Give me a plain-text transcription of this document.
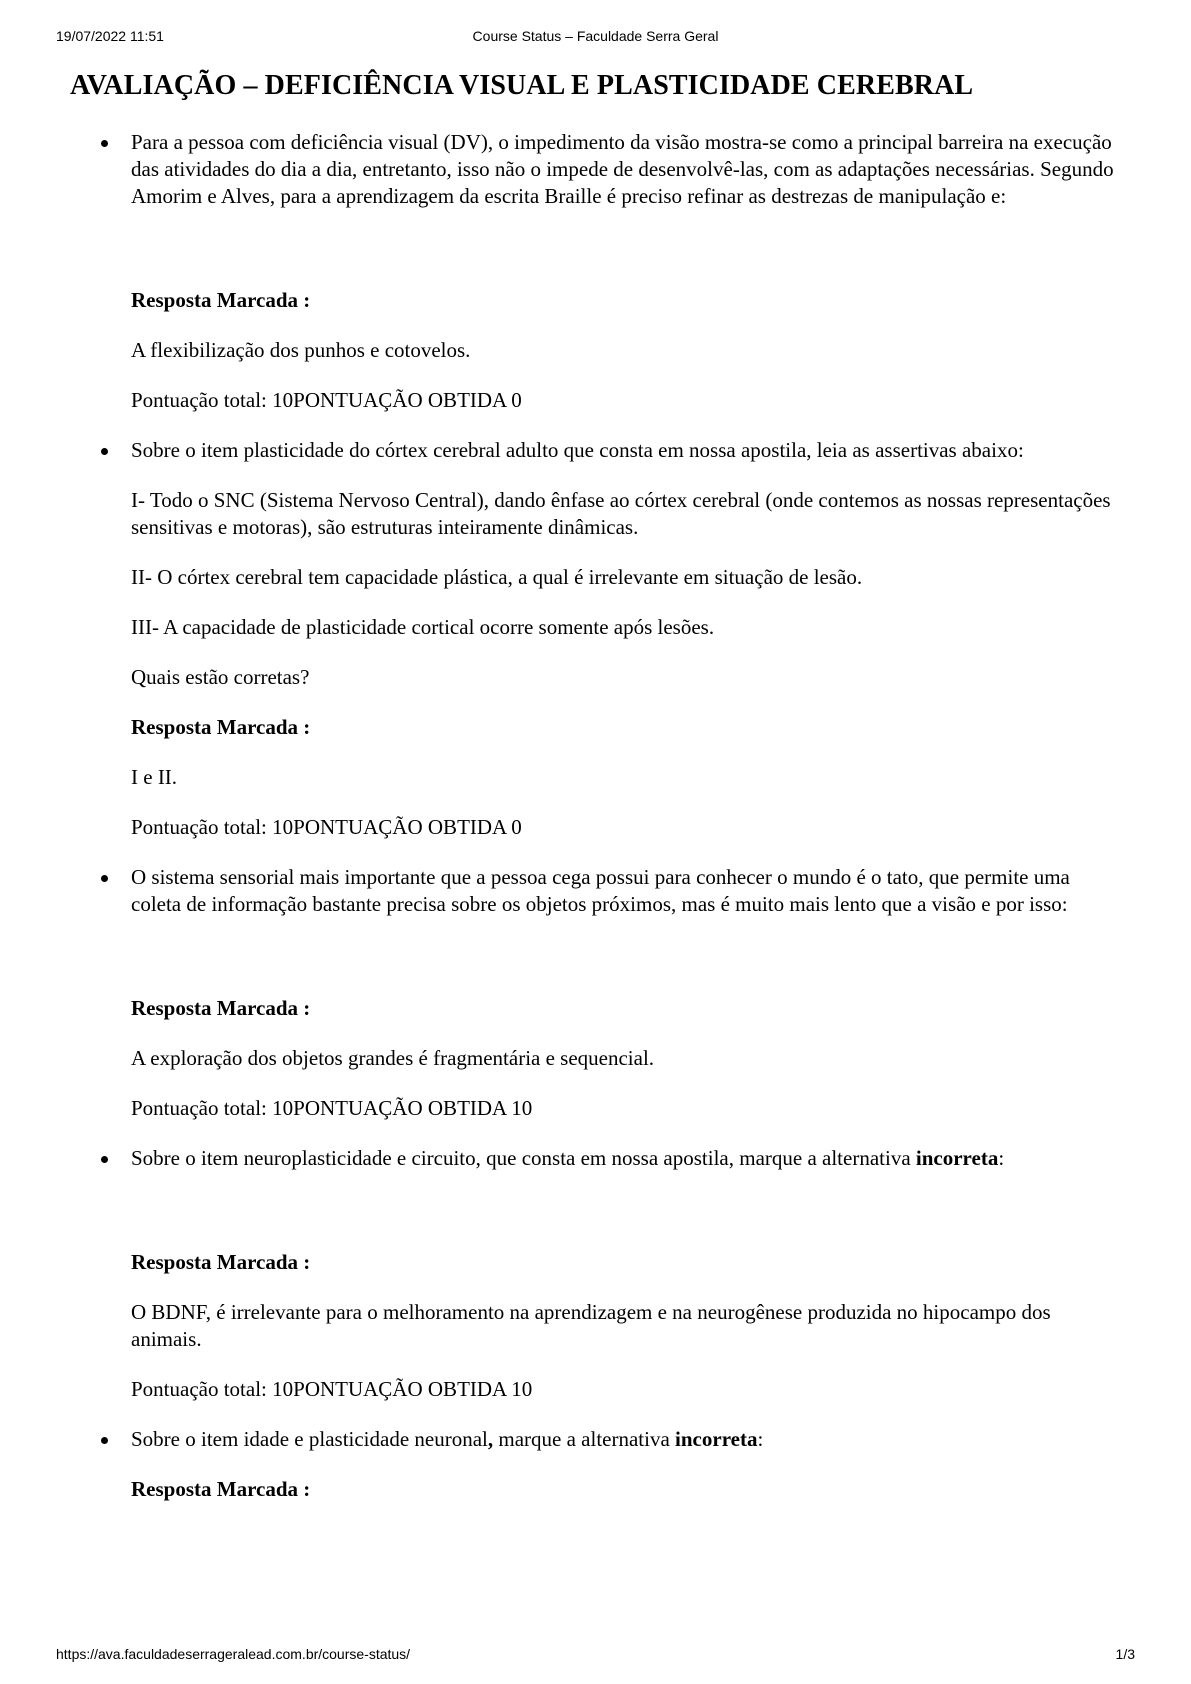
19/07/2022 11:51	Course Status – Faculdade Serra Geral
AVALIAÇÃO – DEFICIÊNCIA VISUAL E PLASTICIDADE CEREBRAL

Para a pessoa com deficiência visual (DV), o impedimento da visão mostra-se como a principal barreira na execução das atividades do dia a dia, entretanto, isso não o impede de desenvolvê-las, com as adaptações necessárias. Segundo Amorim e Alves, para a aprendizagem da escrita Braille é preciso refinar as destrezas de manipulação e:

Resposta Marcada :

A flexibilização dos punhos e cotovelos.

Pontuação total: 10PONTUAÇÃO OBTIDA 0

Sobre o item plasticidade do córtex cerebral adulto que consta em nossa apostila, leia as assertivas abaixo:

I- Todo o SNC (Sistema Nervoso Central), dando ênfase ao córtex cerebral (onde contemos as nossas representações sensitivas e motoras), são estruturas inteiramente dinâmicas.

II- O córtex cerebral tem capacidade plástica, a qual é irrelevante em situação de lesão.

III- A capacidade de plasticidade cortical ocorre somente após lesões.

Quais estão corretas?

Resposta Marcada :

I e II.

Pontuação total: 10PONTUAÇÃO OBTIDA 0

O sistema sensorial mais importante que a pessoa cega possui para conhecer o mundo é o tato, que permite uma coleta de informação bastante precisa sobre os objetos próximos, mas é muito mais lento que a visão e por isso:

Resposta Marcada :

A exploração dos objetos grandes é fragmentária e sequencial.

Pontuação total: 10PONTUAÇÃO OBTIDA 10

Sobre o item neuroplasticidade e circuito, que consta em nossa apostila, marque a alternativa incorreta:

Resposta Marcada :

O BDNF, é irrelevante para o melhoramento na aprendizagem e na neurogênese produzida no hipocampo dos animais.

Pontuação total: 10PONTUAÇÃO OBTIDA 10

Sobre o item idade e plasticidade neuronal, marque a alternativa incorreta:

Resposta Marcada :

https://ava.faculdadeserrageralead.com.br/course-status/	1/3
